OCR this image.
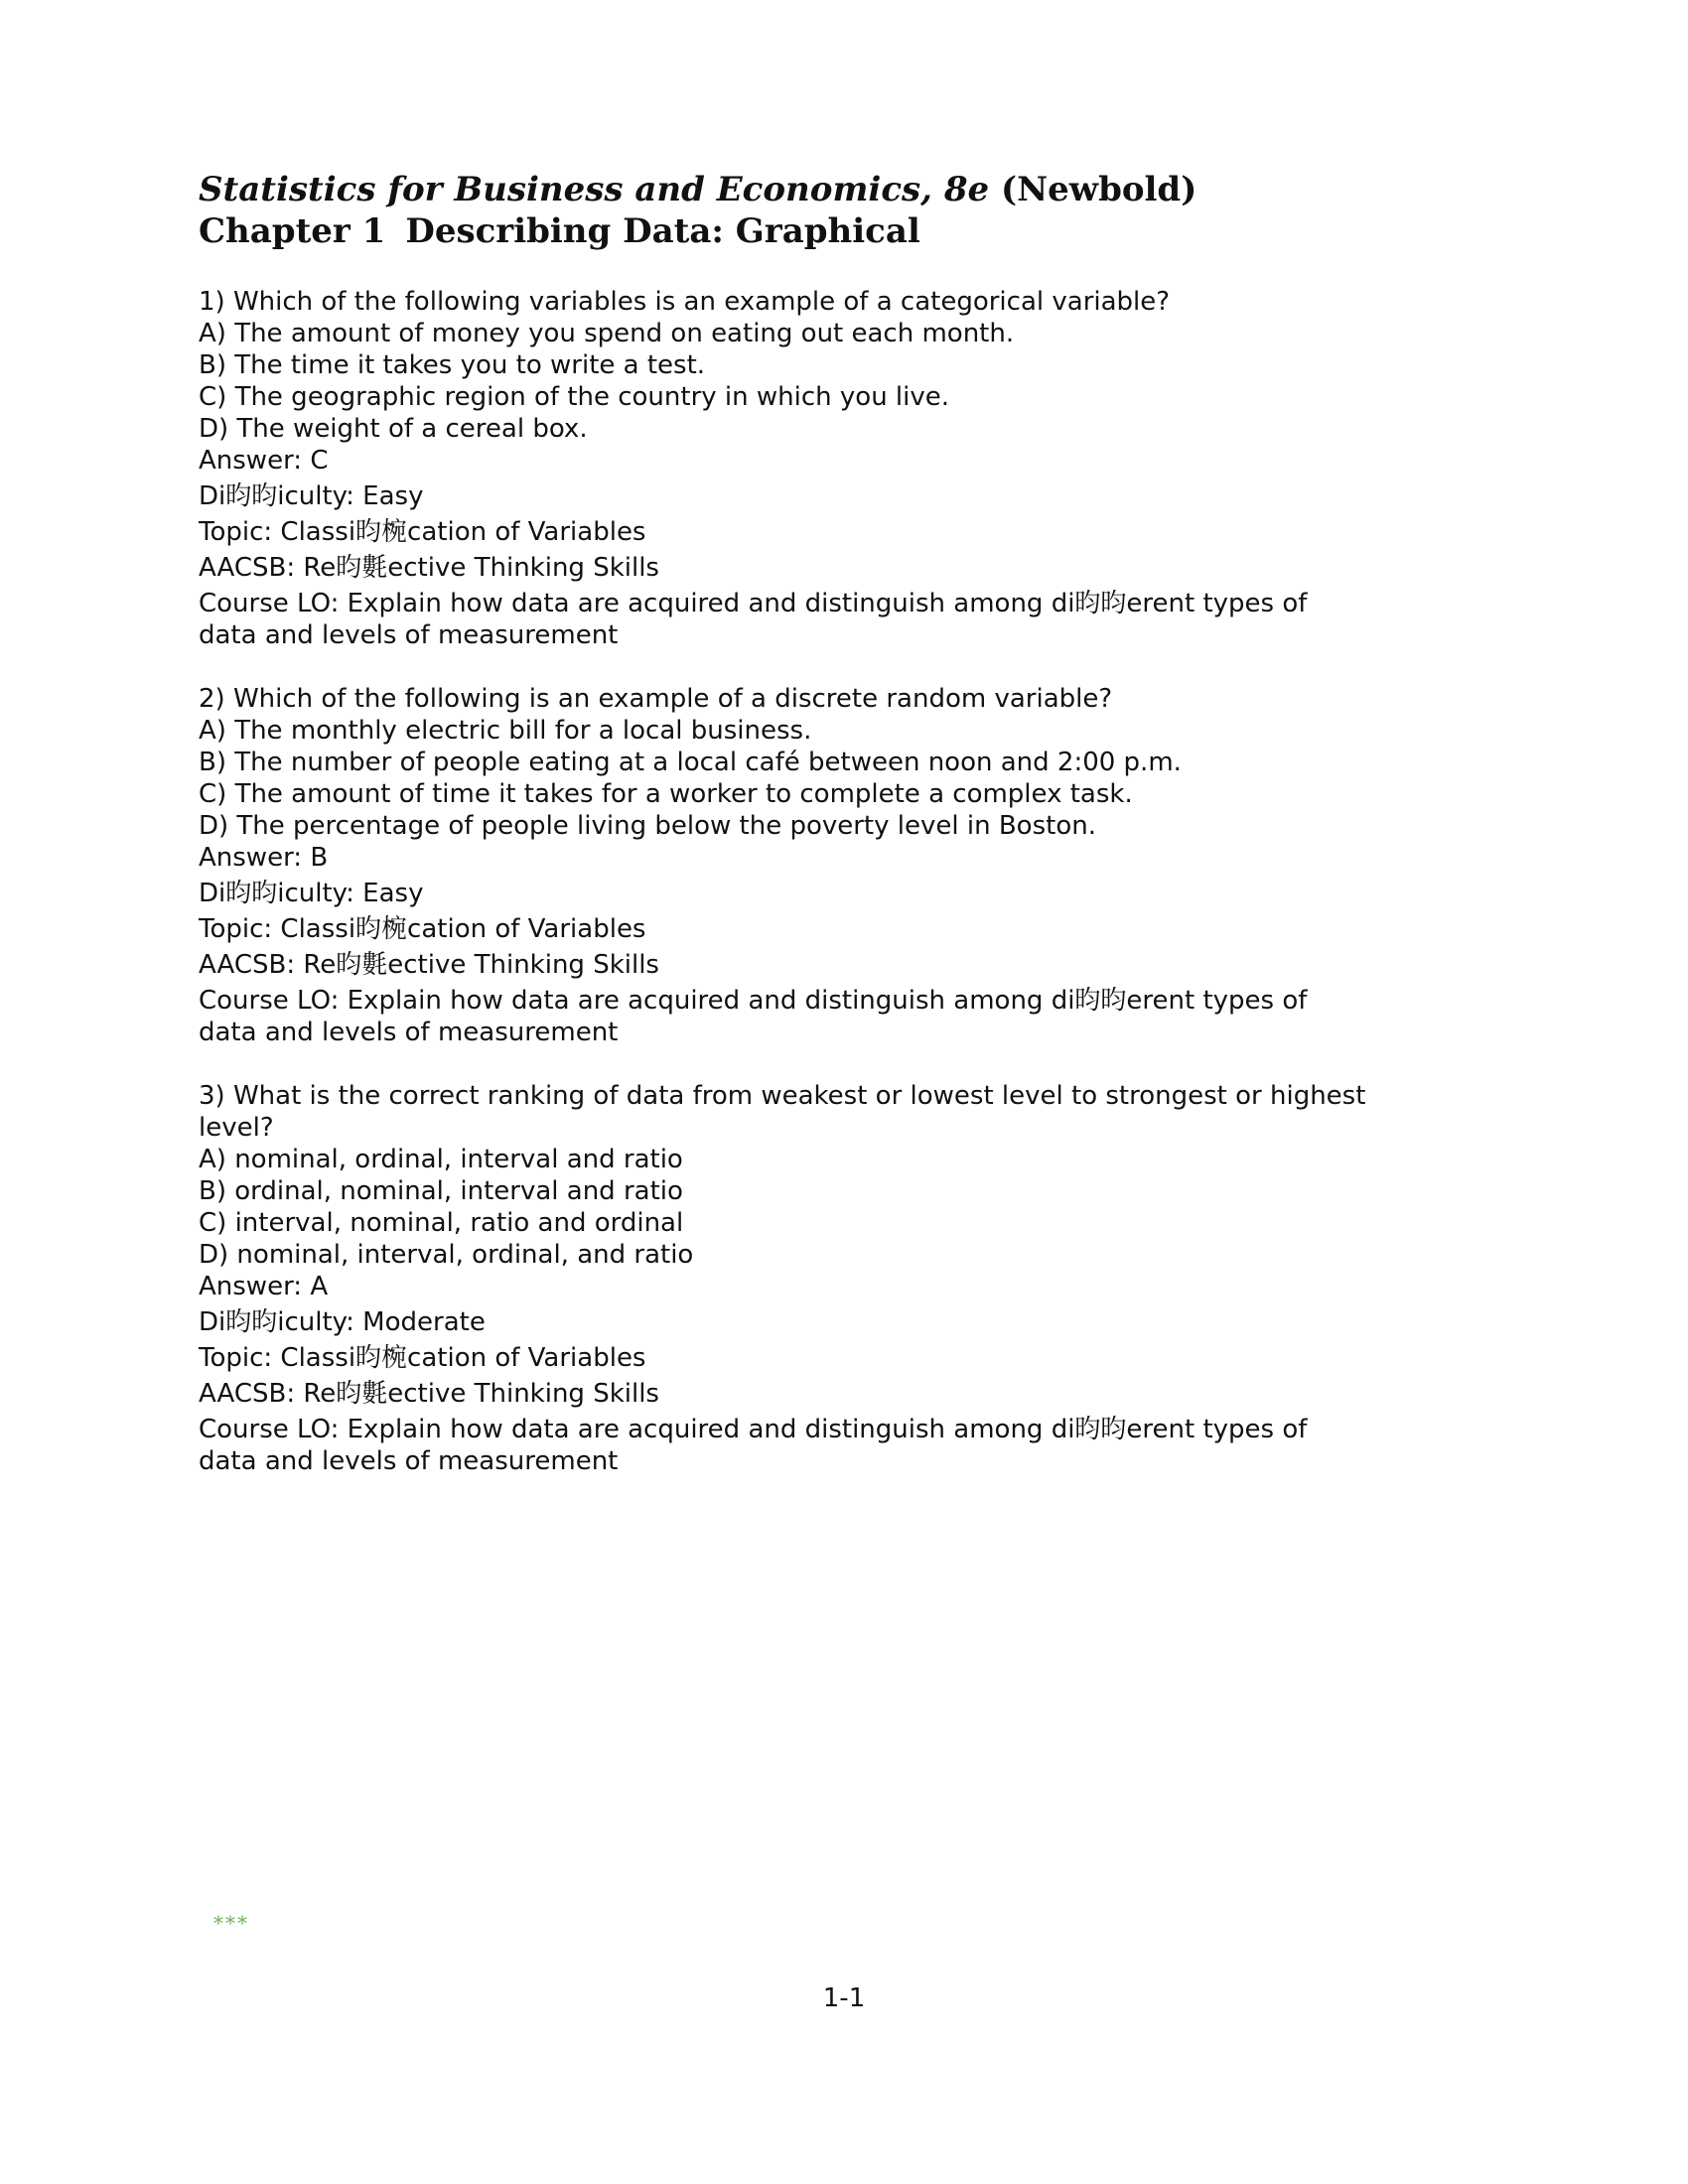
Statistics for Business and Economics, 8e (Newbold)
Chapter 1 Describing Data: Graphical
1) Which of the following variables is an example of a categorical variable?
A) The amount of money you spend on eating out each month.
B) The time it takes you to write a test.
C) The geographic region of the country in which you live.
D) The weight of a cereal box.
Answer: C
Di昀昀iculty: Easy
Topic: Classi昀椀cation of Variables
AACSB: Re昀氀ective Thinking Skills
Course LO: Explain how data are acquired and distinguish among di昀昀erent types of
data and levels of measurement
2) Which of the following is an example of a discrete random variable?
A) The monthly electric bill for a local business.
B) The number of people eating at a local café between noon and 2:00 p.m.
C) The amount of time it takes for a worker to complete a complex task.
D) The percentage of people living below the poverty level in Boston.
Answer: B
Di昀昀iculty: Easy
Topic: Classi昀椀cation of Variables
AACSB: Re昀氀ective Thinking Skills
Course LO: Explain how data are acquired and distinguish among di昀昀erent types of
data and levels of measurement
3) What is the correct ranking of data from weakest or lowest level to strongest or highest
level?
A) nominal, ordinal, interval and ratio
B) ordinal, nominal, interval and ratio
C) interval, nominal, ratio and ordinal
D) nominal, interval, ordinal, and ratio
Answer: A
Di昀昀iculty: Moderate
Topic: Classi昀椀cation of Variables
AACSB: Re昀氀ective Thinking Skills
Course LO: Explain how data are acquired and distinguish among di昀昀erent types of
data and levels of measurement
***
1-1
